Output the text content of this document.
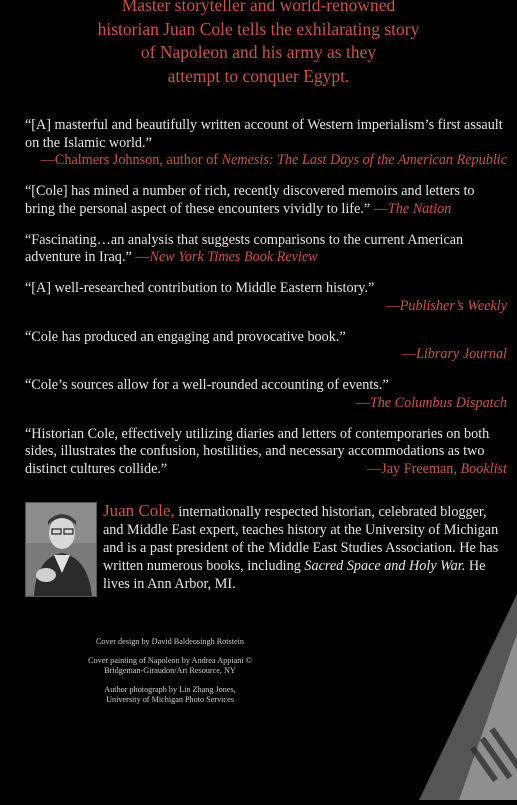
Master storyteller and world-renowned
historian Juan Cole tells the exhilarating story
of Napoleon and his army as they
attempt to conquer Egypt.
“[A] masterful and beautifully written account of Western imperialism’s first assault on the Islamic world.”
—Chalmers Johnson, author of Nemesis: The Last Days of the American Republic
“[Cole] has mined a number of rich, recently discovered memoirs and letters to bring the personal aspect of these encounters vividly to life.” —The Nation
“Fascinating…an analysis that suggests comparisons to the current American adventure in Iraq.” —New York Times Book Review
“[A] well-researched contribution to Middle Eastern history.”
—Publisher’s Weekly
“Cole has produced an engaging and provocative book.”
—Library Journal
“Cole’s sources allow for a well-rounded accounting of events.”
—The Columbus Dispatch
“Historian Cole, effectively utilizing diaries and letters of contemporaries on both sides, illustrates the confusion, hostilities, and necessary accommodations as two distinct cultures collide.”	—Jay Freeman, Booklist
Juan Cole, internationally respected historian, celebrated blogger, and Middle East expert, teaches history at the University of Michigan and is a past president of the Middle East Studies Association. He has written numerous books, including Sacred Space and Holy War. He lives in Ann Arbor, MI.
Cover design by David Baldeosingh Rotstein
Cover painting of Napoleon by Andrea Appiani ©
Bridgeman-Giraudon/Art Resource, NY
Author photograph by Lin Zhang Jones,
University of Michigan Photo Services
